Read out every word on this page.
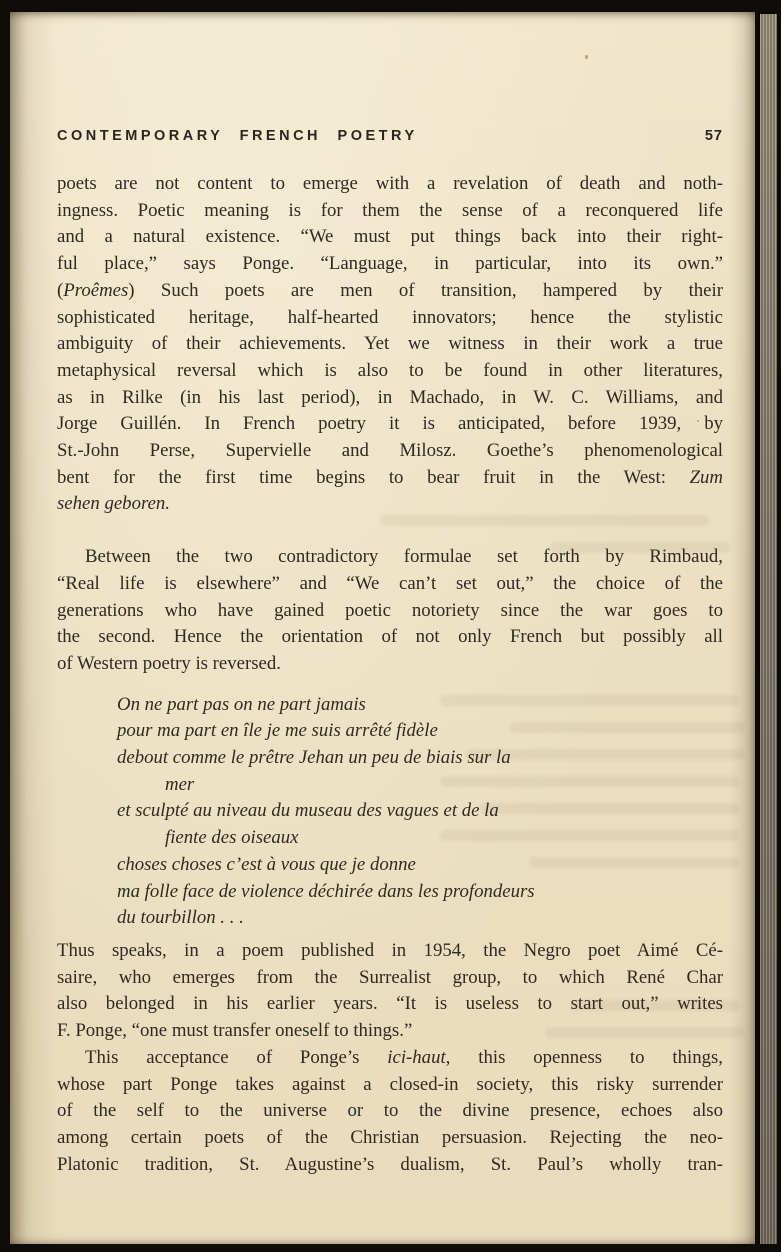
CONTEMPORARY FRENCH POETRY	57
poets are not content to emerge with a revelation of death and noth-
ingness. Poetic meaning is for them the sense of a reconquered life
and a natural existence. “We must put things back into their right-
ful place,” says Ponge. “Language, in particular, into its own.”
(Proêmes) Such poets are men of transition, hampered by their
sophisticated heritage, half-hearted innovators; hence the stylistic
ambiguity of their achievements. Yet we witness in their work a true
metaphysical reversal which is also to be found in other literatures,
as in Rilke (in his last period), in Machado, in W. C. Williams, and
Jorge Guillén. In French poetry it is anticipated, before 1939, by
St.-John Perse, Supervielle and Milosz. Goethe’s phenomenological
bent for the first time begins to bear fruit in the West: Zum
sehen geboren.
Between the two contradictory formulae set forth by Rimbaud,
“Real life is elsewhere” and “We can’t set out,” the choice of the
generations who have gained poetic notoriety since the war goes to
the second. Hence the orientation of not only French but possibly all
of Western poetry is reversed.
On ne part pas on ne part jamais
pour ma part en île je me suis arrêté fidèle
debout comme le prêtre Jehan un peu de biais sur la
mer
et sculpté au niveau du museau des vagues et de la
fiente des oiseaux
choses choses c’est à vous que je donne
ma folle face de violence déchirée dans les profondeurs
du tourbillon . . .
Thus speaks, in a poem published in 1954, the Negro poet Aimé Cé-
saire, who emerges from the Surrealist group, to which René Char
also belonged in his earlier years. “It is useless to start out,” writes
F. Ponge, “one must transfer oneself to things.”
This acceptance of Ponge’s ici-haut, this openness to things,
whose part Ponge takes against a closed-in society, this risky surrender
of the self to the universe or to the divine presence, echoes also
among certain poets of the Christian persuasion. Rejecting the neo-
Platonic tradition, St. Augustine’s dualism, St. Paul’s wholly tran-
